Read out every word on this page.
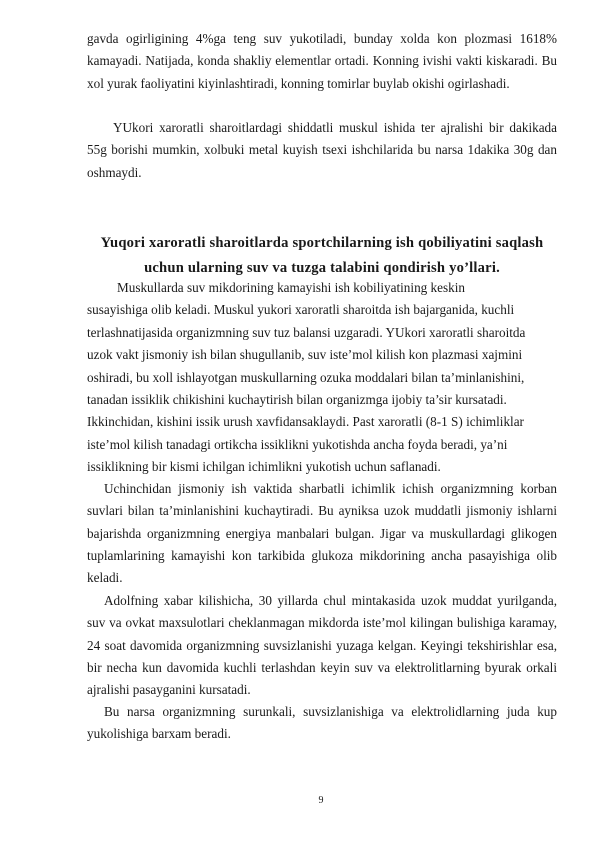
gavda ogirligining 4%ga teng suv yukotiladi, bunday xolda kon plozmasi 1618% kamayadi. Natijada, konda shakliy elementlar ortadi. Konning ivishi vakti kiskaradi. Bu xol yurak faoliyatini kiyinlashtiradi, konning tomirlar buylab okishi ogirlashadi.

YUkori xaroratli sharoitlardagi shiddatli muskul ishida ter ajralishi bir dakikada 55g borishi mumkin, xolbuki metal kuyish tsexi ishchilarida bu narsa 1dakika 30g dan oshmaydi.

Yuqori xaroratli sharoitlarda sportchilarning ish qobiliyatini saqlash uchun ularning suv va tuzga talabini qondirish yo’llari.

Muskullarda suv mikdorining kamayishi ish kobiliyatining keskin

susayishiga olib keladi. Muskul yukori xaroratli sharoitda ish bajarganida, kuchli

terlashnatijasida organizmning suv tuz balansi uzgaradi. YUkori xaroratli sharoitda

uzok vakt jismoniy ish bilan shugullanib, suv iste’mol kilish kon plazmasi xajmini

oshiradi, bu xoll ishlayotgan muskullarning ozuka moddalari bilan ta’minlanishini,

tanadan issiklik chikishini kuchaytirish bilan organizmga ijobiy ta’sir kursatadi.

Ikkinchidan, kishini issik urush xavfidansaklaydi. Past xaroratli (8-1 S) ichimliklar

iste’mol kilish tanadagi ortikcha issiklikni yukotishda ancha foyda beradi, ya’ni

issiklikning bir kismi ichilgan ichimlikni yukotish uchun saflanadi.

Uchinchidan jismoniy ish vaktida sharbatli ichimlik ichish organizmning korban suvlari bilan ta’minlanishini kuchaytiradi. Bu ayniksa uzok muddatli jismoniy ishlarni bajarishda organizmning energiya manbalari bulgan. Jigar va muskullardagi glikogen tuplamlarining kamayishi kon tarkibida glukoza mikdorining ancha pasayishiga olib keladi.

Adolfning xabar kilishicha, 30 yillarda chul mintakasida uzok muddat yurilganda, suv va ovkat maxsulotlari cheklanmagan mikdorda iste’mol kilingan bulishiga karamay, 24 soat davomida organizmning suvsizlanishi yuzaga kelgan. Keyingi tekshirishlar esa, bir necha kun davomida kuchli terlashdan keyin suv va elektrolitlarning byurak orkali ajralishi pasayganini kursatadi.

Bu narsa organizmning surunkali, suvsizlanishiga va elektrolidlarning juda kup yukolishiga barxam beradi.

9
